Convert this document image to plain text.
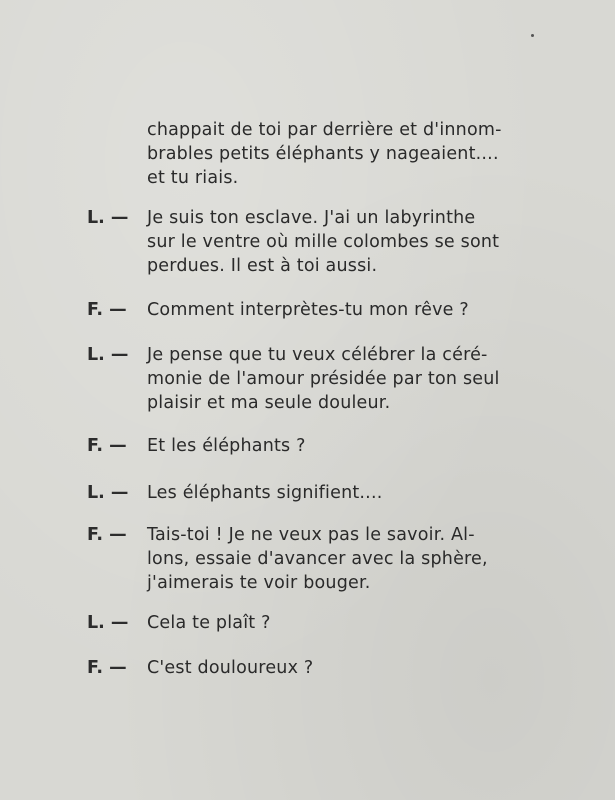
chappait de toi par derrière et d'innom-
brables petits éléphants y nageaient....
et tu riais.
L. — Je suis ton esclave. J'ai un labyrinthe
sur le ventre où mille colombes se sont
perdues. Il est à toi aussi.
F. — Comment interprètes-tu mon rêve ?
L. — Je pense que tu veux célébrer la céré-
monie de l'amour présidée par ton seul
plaisir et ma seule douleur.
F. — Et les éléphants ?
L. — Les éléphants signifient....
F. — Tais-toi ! Je ne veux pas le savoir. Al-
lons, essaie d'avancer avec la sphère,
j'aimerais te voir bouger.
L. — Cela te plaît ?
F. — C'est douloureux ?
